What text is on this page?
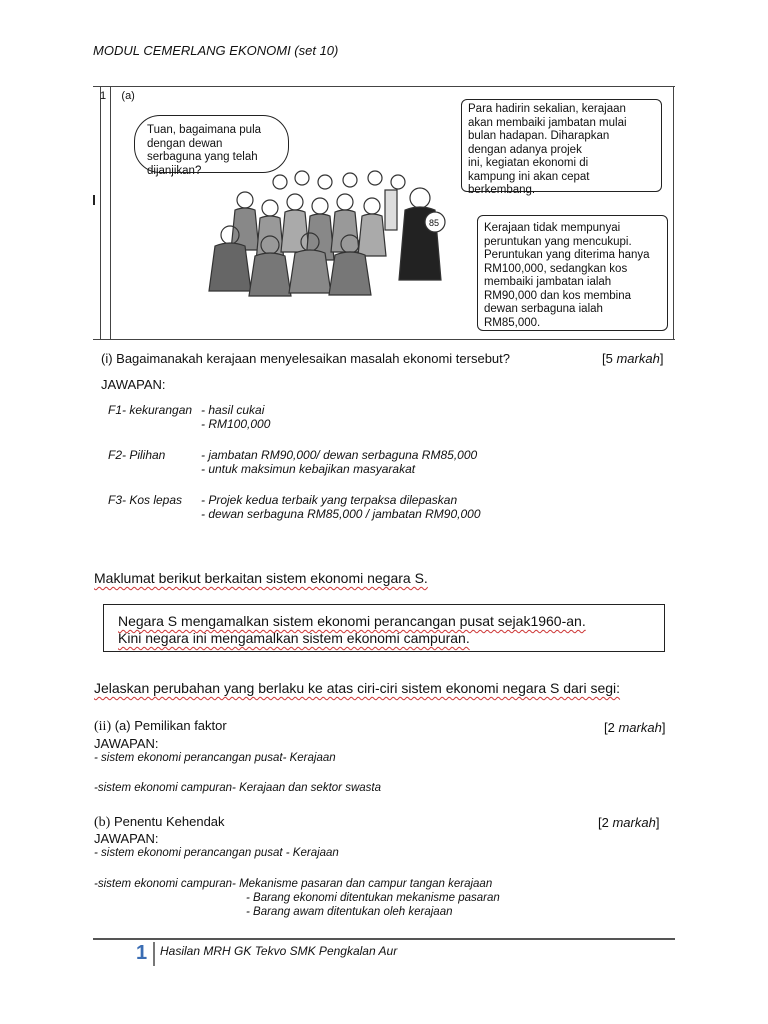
MODUL CEMERLANG EKONOMI (set 10)
1 (a)
85
Tuan, bagaimana pula dengan dewan serbaguna yang telah dijanjikan?
Para hadirin sekalian, kerajaan
akan membaiki jambatan mulai
bulan hadapan. Diharapkan
dengan adanya projek
ini, kegiatan ekonomi di
kampung ini akan cepat
berkembang.
Kerajaan tidak mempunyai
peruntukan yang mencukupi.
Peruntukan yang diterima hanya
RM100,000, sedangkan kos
membaiki jambatan ialah
RM90,000 dan kos membina
dewan serbaguna ialah
RM85,000.
(i) Bagaimanakah kerajaan menyelesaikan masalah ekonomi tersebut?	[5 markah]
JAWAPAN:
F1- kekurangan - hasil cukai
- RM100,000
F2- Pilihan	- jambatan RM90,000/ dewan serbaguna RM85,000
- untuk maksimun kebajikan masyarakat
F3- Kos lepas - Projek kedua terbaik yang terpaksa dilepaskan
- dewan serbaguna RM85,000 / jambatan RM90,000
Maklumat berikut berkaitan sistem ekonomi negara S.
Negara S mengamalkan sistem ekonomi perancangan pusat sejak1960-an.
Kini negara ini mengamalkan sistem ekonomi campuran.
Jelaskan perubahan yang berlaku ke atas ciri-ciri sistem ekonomi negara S dari segi:
(ii) (a) Pemilikan faktor	[2 markah]
JAWAPAN:
- sistem ekonomi perancangan pusat- Kerajaan
-sistem ekonomi campuran- Kerajaan dan sektor swasta
(b) Penentu Kehendak	[2 markah]
JAWAPAN:
- sistem ekonomi perancangan pusat - Kerajaan
-sistem ekonomi campuran- Mekanisme pasaran dan campur tangan kerajaan
- Barang ekonomi ditentukan mekanisme pasaran
- Barang awam ditentukan oleh kerajaan
1 Hasilan MRH GK Tekvo SMK Pengkalan Aur
